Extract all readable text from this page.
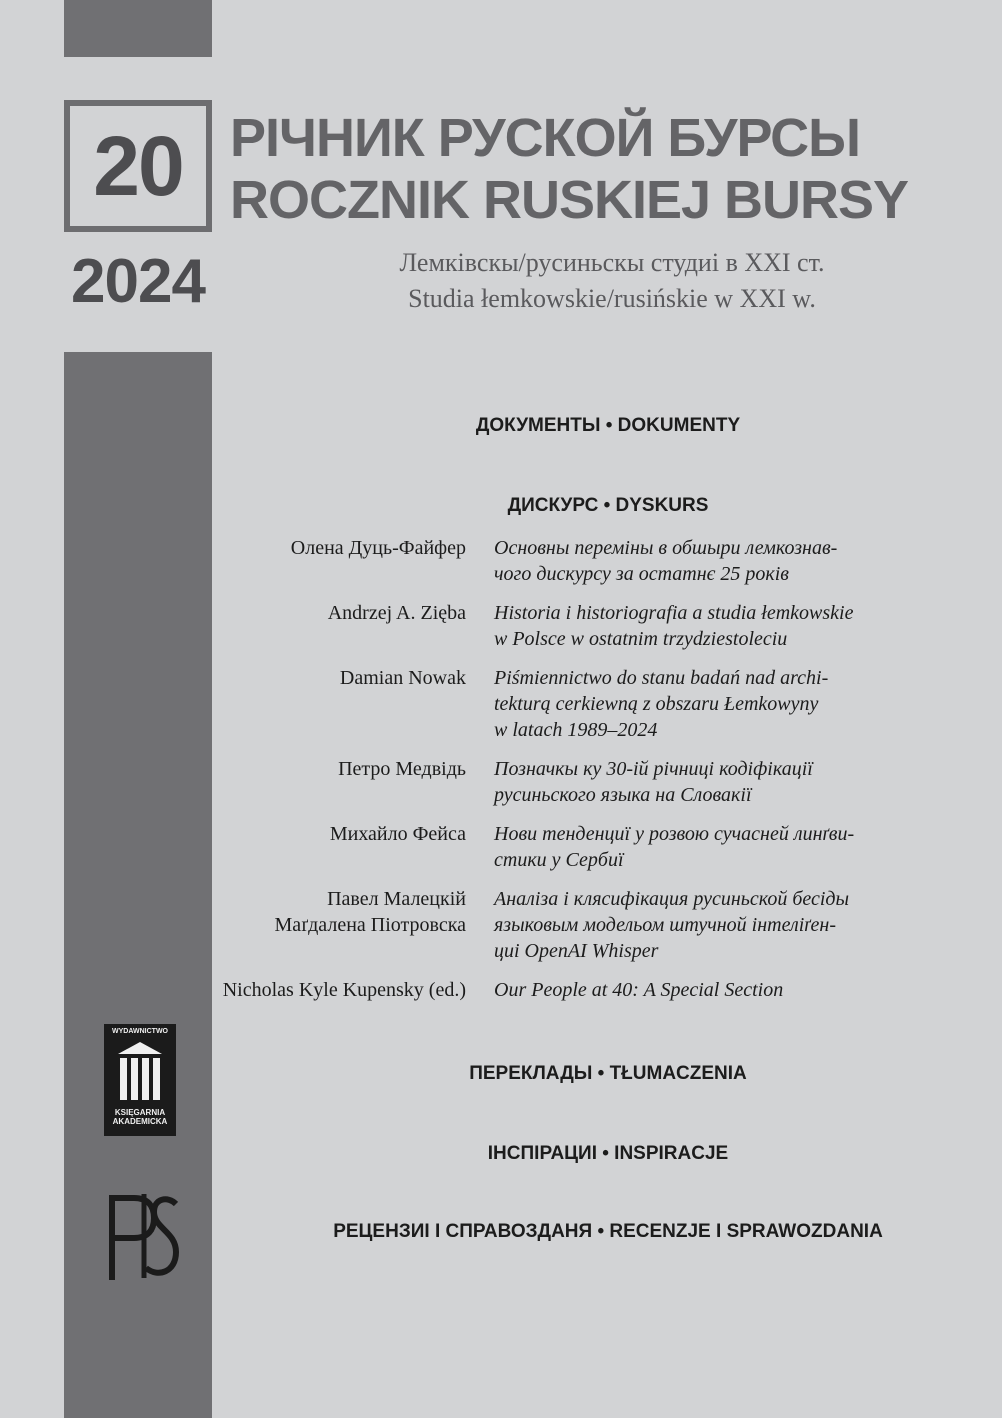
20
2024
РІЧНИК РУСКОЙ БУРСЫ
ROCZNIK RUSKIEJ BURSY
Лемківскы/русиньскы студиі в XXI ст.
Studia łemkowskie/rusińskie w XXI w.
ДОКУМЕНТЫ • DOKUMENTY
ДИСКУРС • DYSKURS
Олена Дуць-Файфер Основны переміны в обшыри лемкознав-
чого дискурсу за остатнє 25 років
Andrzej A. Zięba Historia i historiografia a studia łemkowskie
w Polsce w ostatnim trzydziestoleciu
Damian Nowak Piśmiennictwo do stanu badań nad archi-
tekturą cerkiewną z obszaru Łemkowyny
w latach 1989–2024
Петро Медвідь Позначкы ку 30-ій річниці кодіфікації
русиньского языка на Словакії
Михайло Фейса Нови тенденциї у розвою сучасней линґви-
стики у Сербиї
Павел Малецкій
Маґдалена Піотровска
Аналіза і клясифікация русиньской бесіды
языковым модельом штучной інтеліґен-
циі OpenAI Whisper
Nicholas Kyle Kupensky (ed.) Our People at 40: A Special Section
ПЕРЕКЛАДЫ • TŁUMACZENIA
ІНСПІРАЦИІ • INSPIRACJE
РЕЦЕНЗИІ І СПРАВОЗДАНЯ • RECENZJE I SPRAWOZDANIA
WYDAWNICTWO
KSIĘGARNIA
AKADEMICKA
